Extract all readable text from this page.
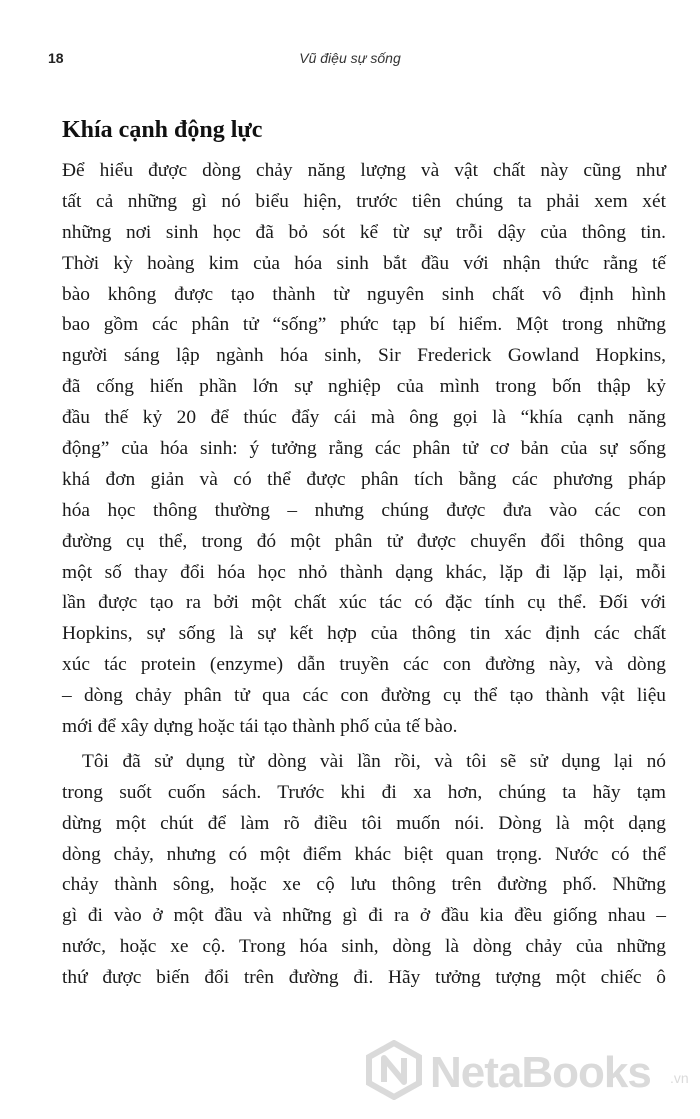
18	Vũ điệu sự sống
Khía cạnh động lực
Để hiểu được dòng chảy năng lượng và vật chất này cũng như
tất cả những gì nó biểu hiện, trước tiên chúng ta phải xem xét
những nơi sinh học đã bỏ sót kể từ sự trỗi dậy của thông tin.
Thời kỳ hoàng kim của hóa sinh bắt đầu với nhận thức rằng tế
bào không được tạo thành từ nguyên sinh chất vô định hình
bao gồm các phân tử “sống” phức tạp bí hiểm. Một trong những
người sáng lập ngành hóa sinh, Sir Frederick Gowland Hopkins,
đã cống hiến phần lớn sự nghiệp của mình trong bốn thập kỷ
đầu thế kỷ 20 để thúc đẩy cái mà ông gọi là “khía cạnh năng
động” của hóa sinh: ý tưởng rằng các phân tử cơ bản của sự sống
khá đơn giản và có thể được phân tích bằng các phương pháp
hóa học thông thường – nhưng chúng được đưa vào các con
đường cụ thể, trong đó một phân tử được chuyển đổi thông qua
một số thay đổi hóa học nhỏ thành dạng khác, lặp đi lặp lại, mỗi
lần được tạo ra bởi một chất xúc tác có đặc tính cụ thể. Đối với
Hopkins, sự sống là sự kết hợp của thông tin xác định các chất
xúc tác protein (enzyme) dẫn truyền các con đường này, và dòng
– dòng chảy phân tử qua các con đường cụ thể tạo thành vật liệu
mới để xây dựng hoặc tái tạo thành phố của tế bào.
Tôi đã sử dụng từ dòng vài lần rồi, và tôi sẽ sử dụng lại nó
trong suốt cuốn sách. Trước khi đi xa hơn, chúng ta hãy tạm
dừng một chút để làm rõ điều tôi muốn nói. Dòng là một dạng
dòng chảy, nhưng có một điểm khác biệt quan trọng. Nước có thể
chảy thành sông, hoặc xe cộ lưu thông trên đường phố. Những
gì đi vào ở một đầu và những gì đi ra ở đầu kia đều giống nhau –
nước, hoặc xe cộ. Trong hóa sinh, dòng là dòng chảy của những
thứ được biến đổi trên đường đi. Hãy tưởng tượng một chiếc ô
NetaBooks .vn
